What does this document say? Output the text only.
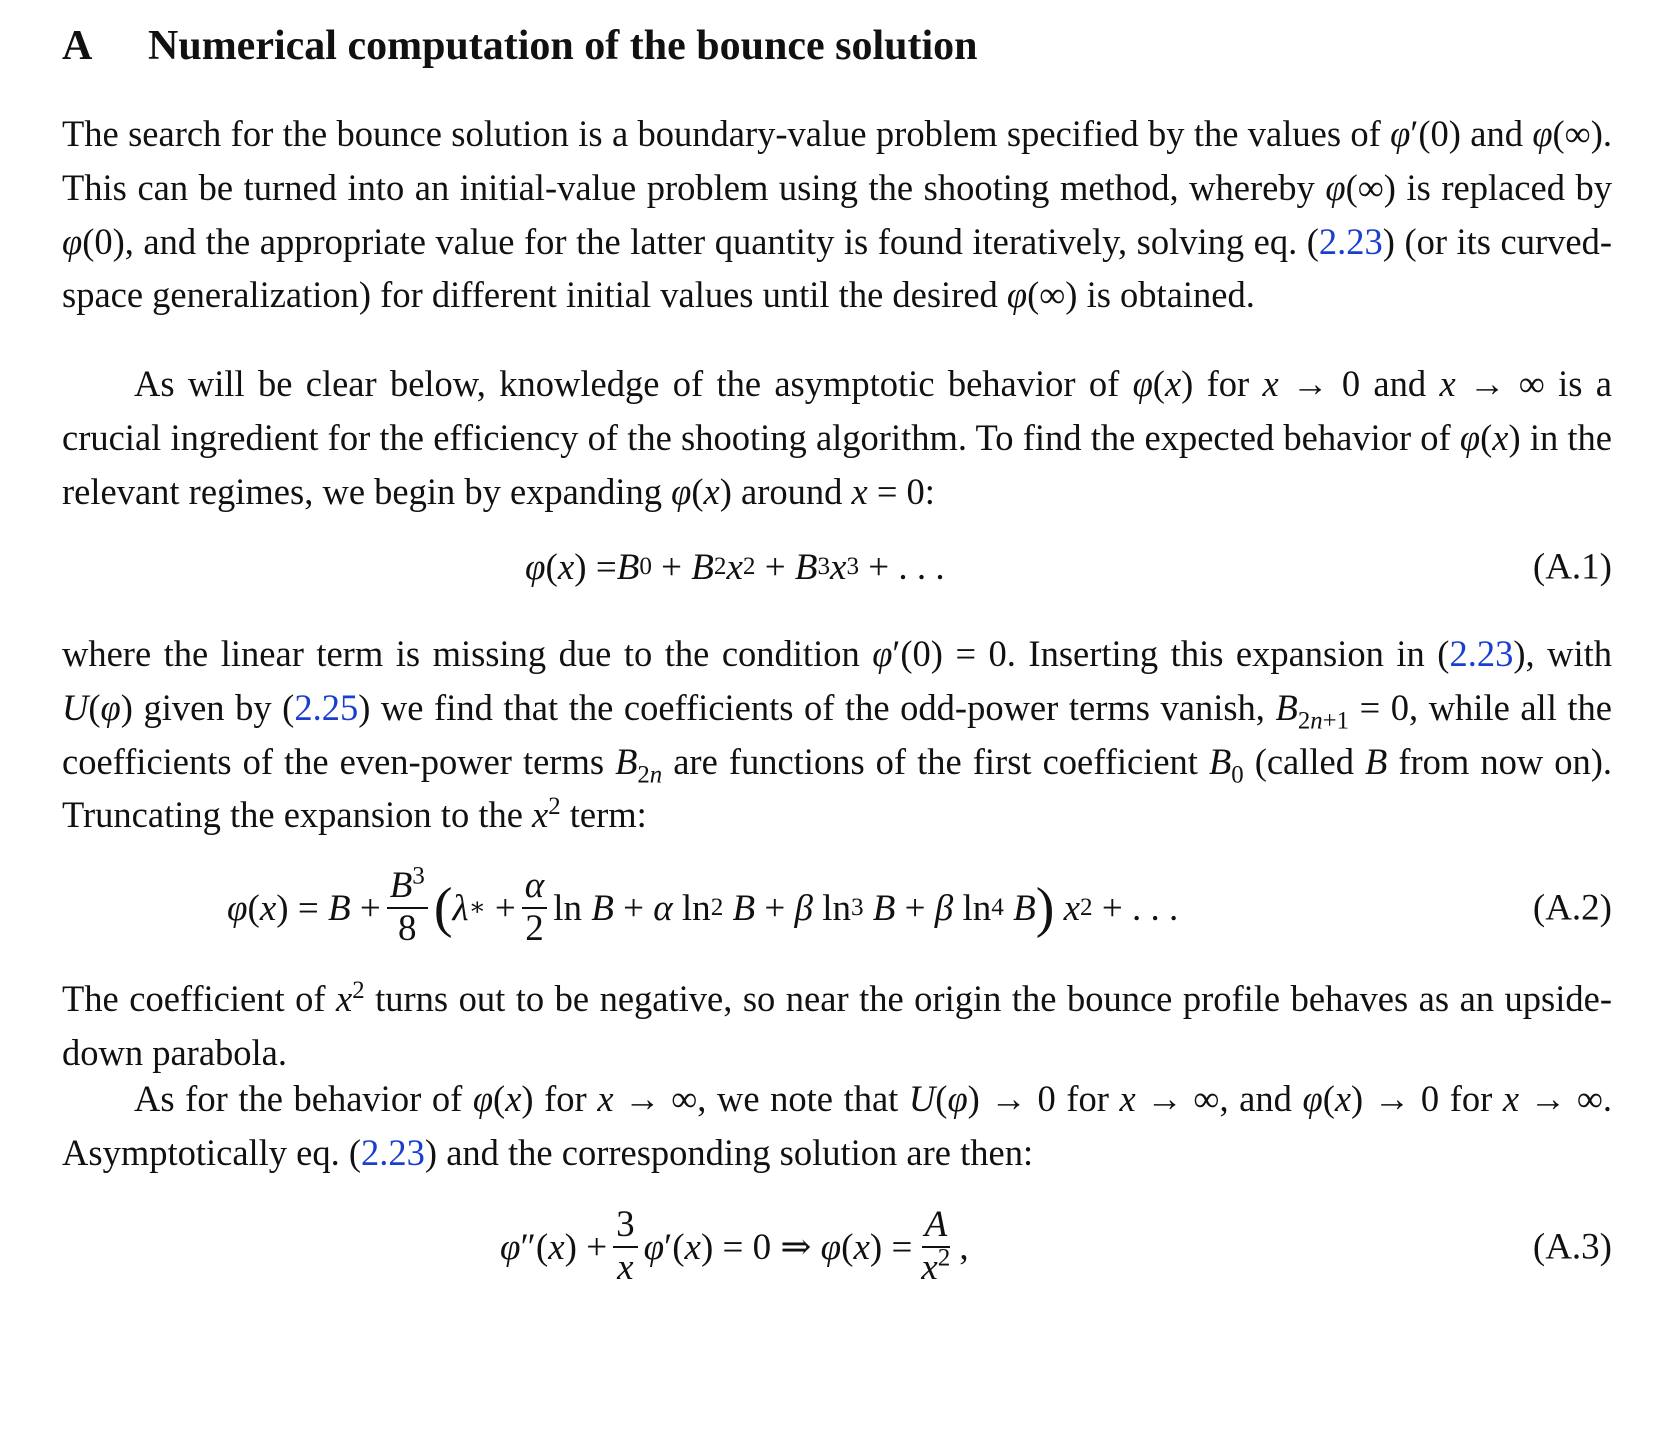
A Numerical computation of the bounce solution

The search for the bounce solution is a boundary-value problem specified by the values of φ′(0) and φ(∞). This can be turned into an initial-value problem using the shooting method, whereby φ(∞) is replaced by φ(0), and the appropriate value for the latter quantity is found iteratively, solving eq. (2.23) (or its curved-space generalization) for different initial values until the desired φ(∞) is obtained.

As will be clear below, knowledge of the asymptotic behavior of φ(x) for x → 0 and x → ∞ is a crucial ingredient for the efficiency of the shooting algorithm. To find the expected behavior of φ(x) in the relevant regimes, we begin by expanding φ(x) around x = 0:

φ ( x ) = B 0 + B 2 x 2 + B 3 x 3 + . . .	(A.1)

where the linear term is missing due to the condition φ′(0) = 0. Inserting this expansion in (2.23), with U(φ) given by (2.25) we find that the coefficients of the odd-power terms vanish, $B_{2n+1} = 0$, while all the coefficients of the even-power terms $B_{2n}$ are functions of the first coefficient $B_0$ (called B from now on). Truncating the expansion to the $x^2$ term:

φ ( x ) = $B + \frac{B^3}{8}$ ( λ ∗ + $\frac{\alpha}{2}$ ln B + α ln 2
B + β ln 3
B + β ln 4
B )
x 2 + . . .	(A.2)

The coefficient of $x^2$ turns out to be negative, so near the origin the bounce profile behaves as an upside-down parabola.

As for the behavior of φ(x) for x → ∞, we note that U(φ) → 0 for x → ∞, and φ(x) → 0 for x → ∞. Asymptotically eq. (2.23) and the corresponding solution are then:

φ ″( x ) + $\frac{3}{x}$ φ ′( x ) = 0 ⇒ φ ( x ) = $\frac{A}{x^2}$ ,	(A.3)
